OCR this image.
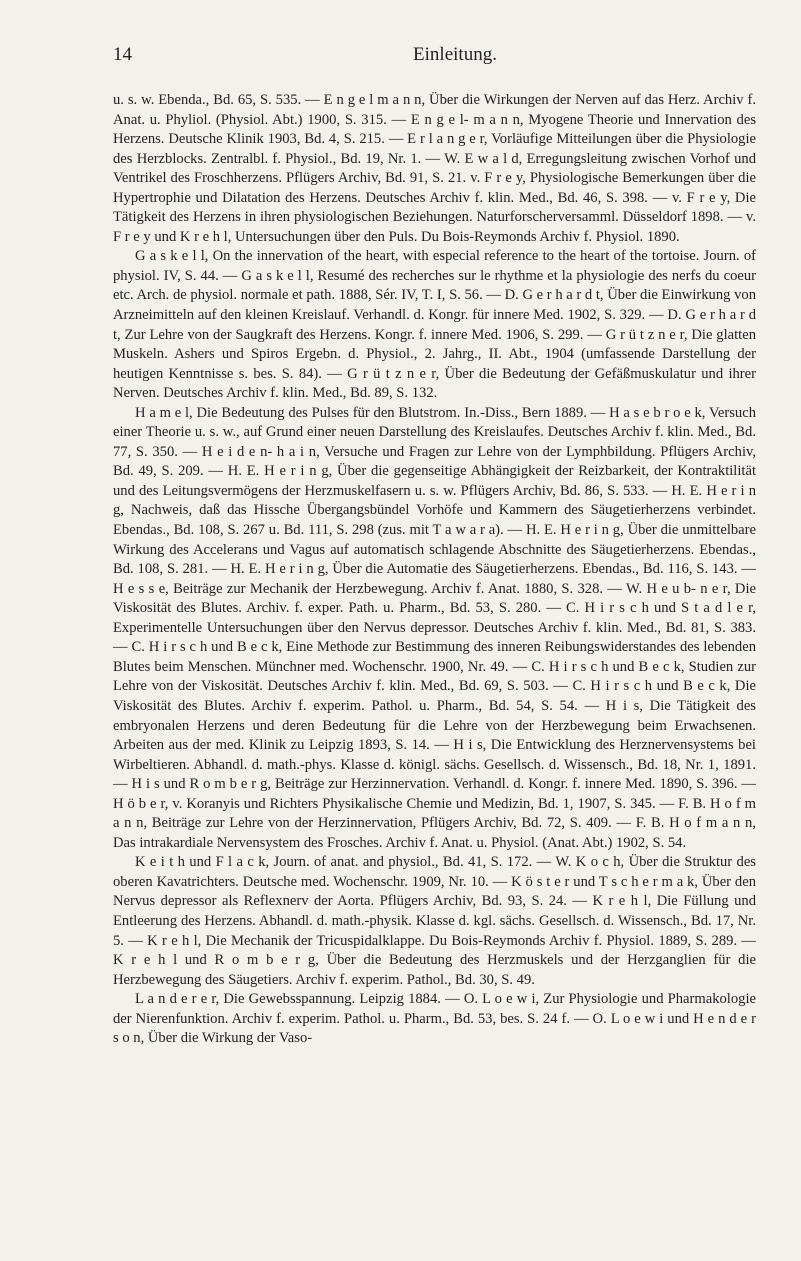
14	Einleitung.

u. s. w. Ebenda., Bd. 65, S. 535. — E n g e l m a n n, Über die Wirkungen der Nerven auf das Herz. Archiv f. Anat. u. Phyliol. (Physiol. Abt.) 1900, S. 315. — E n g e l- m a n n, Myogene Theorie und Innervation des Herzens. Deutsche Klinik 1903, Bd. 4, S. 215. — E r l a n g e r, Vorläufige Mitteilungen über die Physiologie des Herzblocks. Zentralbl. f. Physiol., Bd. 19, Nr. 1. — W. E w a l d, Erregungsleitung zwischen Vorhof und Ventrikel des Froschherzens. Pflügers Archiv, Bd. 91, S. 21. v. F r e y, Physiologische Bemerkungen über die Hypertrophie und Dilatation des Herzens. Deutsches Archiv f. klin. Med., Bd. 46, S. 398. — v. F r e y, Die Tätigkeit des Herzens in ihren physiologischen Beziehungen. Naturforscherversamml. Düsseldorf 1898. — v. F r e y und K r e h l, Untersuchungen über den Puls. Du Bois-Reymonds Archiv f. Physiol. 1890.

G a s k e l l, On the innervation of the heart, with especial reference to the heart of the tortoise. Journ. of physiol. IV, S. 44. — G a s k e l l, Resumé des recherches sur le rhythme et la physiologie des nerfs du coeur etc. Arch. de physiol. normale et path. 1888, Sér. IV, T. I, S. 56. — D. G e r h a r d t, Über die Einwirkung von Arzneimitteln auf den kleinen Kreislauf. Verhandl. d. Kongr. für innere Med. 1902, S. 329. — D. G e r h a r d t, Zur Lehre von der Saugkraft des Herzens. Kongr. f. innere Med. 1906, S. 299. — G r ü t z n e r, Die glatten Muskeln. Ashers und Spiros Ergebn. d. Physiol., 2. Jahrg., II. Abt., 1904 (umfassende Darstellung der heutigen Kenntnisse s. bes. S. 84). — G r ü t z n e r, Über die Bedeutung der Gefäßmuskulatur und ihrer Nerven. Deutsches Archiv f. klin. Med., Bd. 89, S. 132.

H a m e l, Die Bedeutung des Pulses für den Blutstrom. In.-Diss., Bern 1889. — H a s e b r o e k, Versuch einer Theorie u. s. w., auf Grund einer neuen Darstellung des Kreislaufes. Deutsches Archiv f. klin. Med., Bd. 77, S. 350. — H e i d e n- h a i n, Versuche und Fragen zur Lehre von der Lymphbildung. Pflügers Archiv, Bd. 49, S. 209. — H. E. H e r i n g, Über die gegenseitige Abhängigkeit der Reizbarkeit, der Kontraktilität und des Leitungsvermögens der Herzmuskelfasern u. s. w. Pflügers Archiv, Bd. 86, S. 533. — H. E. H e r i n g, Nachweis, daß das Hissche Übergangsbündel Vorhöfe und Kammern des Säugetierherzens verbindet. Ebendas., Bd. 108, S. 267 u. Bd. 111, S. 298 (zus. mit T a w a r a). — H. E. H e r i n g, Über die unmittelbare Wirkung des Accelerans und Vagus auf automatisch schlagende Abschnitte des Säugetierherzens. Ebendas., Bd. 108, S. 281. — H. E. H e r i n g, Über die Automatie des Säugetierherzens. Ebendas., Bd. 116, S. 143. — H e s s e, Beiträge zur Mechanik der Herzbewegung. Archiv f. Anat. 1880, S. 328. — W. H e u b- n e r, Die Viskosität des Blutes. Archiv. f. exper. Path. u. Pharm., Bd. 53, S. 280. — C. H i r s c h und S t a d l e r, Experimentelle Untersuchungen über den Nervus depressor. Deutsches Archiv f. klin. Med., Bd. 81, S. 383. — C. H i r s c h und B e c k, Eine Methode zur Bestimmung des inneren Reibungswiderstandes des lebenden Blutes beim Menschen. Münchner med. Wochenschr. 1900, Nr. 49. — C. H i r s c h und B e c k, Studien zur Lehre von der Viskosität. Deutsches Archiv f. klin. Med., Bd. 69, S. 503. — C. H i r s c h und B e c k, Die Viskosität des Blutes. Archiv f. experim. Pathol. u. Pharm., Bd. 54, S. 54. — H i s, Die Tätigkeit des embryonalen Herzens und deren Bedeutung für die Lehre von der Herzbewegung beim Erwachsenen. Arbeiten aus der med. Klinik zu Leipzig 1893, S. 14. — H i s, Die Entwicklung des Herznervensystems bei Wirbeltieren. Abhandl. d. math.-phys. Klasse d. königl. sächs. Gesellsch. d. Wissensch., Bd. 18, Nr. 1, 1891. — H i s und R o m b e r g, Beiträge zur Herzinnervation. Verhandl. d. Kongr. f. innere Med. 1890, S. 396. — H ö b e r, v. Koranyis und Richters Physikalische Chemie und Medizin, Bd. 1, 1907, S. 345. — F. B. H o f m a n n, Beiträge zur Lehre von der Herzinnervation, Pflügers Archiv, Bd. 72, S. 409. — F. B. H o f m a n n, Das intrakardiale Nervensystem des Frosches. Archiv f. Anat. u. Physiol. (Anat. Abt.) 1902, S. 54.

K e i t h und F l a c k, Journ. of anat. and physiol., Bd. 41, S. 172. — W. K o c h, Über die Struktur des oberen Kavatrichters. Deutsche med. Wochenschr. 1909, Nr. 10. — K ö s t e r und T s c h e r m a k, Über den Nervus depressor als Reflexnerv der Aorta. Pflügers Archiv, Bd. 93, S. 24. — K r e h l, Die Füllung und Entleerung des Herzens. Abhandl. d. math.-physik. Klasse d. kgl. sächs. Gesellsch. d. Wissensch., Bd. 17, Nr. 5. — K r e h l, Die Mechanik der Tricuspidalklappe. Du Bois-Reymonds Archiv f. Physiol. 1889, S. 289. — K r e h l und R o m b e r g, Über die Bedeutung des Herzmuskels und der Herzganglien für die Herzbewegung des Säugetiers. Archiv f. experim. Pathol., Bd. 30, S. 49.

L a n d e r e r, Die Gewebsspannung. Leipzig 1884. — O. L o e w i, Zur Physiologie und Pharmakologie der Nierenfunktion. Archiv f. experim. Pathol. u. Pharm., Bd. 53, bes. S. 24 f. — O. L o e w i und H e n d e r s o n, Über die Wirkung der Vaso-
